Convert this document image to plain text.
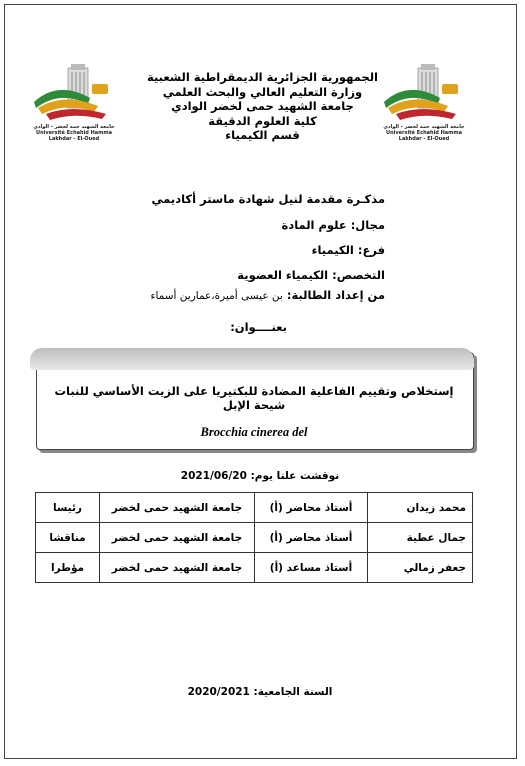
جامعة الشهيد حمه لخضر - الوادي
Université Echahid Hamma Lakhdar - El-Oued
جامعة الشهيد حمه لخضر - الوادي
Université Echahid Hamma Lakhdar - El-Oued
الجمهورية الجزائرية الديمقراطية الشعبية
وزارة التعليم العالي والبحث العلمي
جامعة الشهيد حمى لخضر الوادي
كلية العلوم الدقيقة
قسم الكيمياء
مذكـرة مقدمة لنيل شهادة ماستر أكاديمي
مجال: علوم المادة
فرع: الكيمياء
التخصص: الكيمياء العضوية
من إعداد الطالبة: بن عيسى أميرة،عمارين أسماء
بعنــــوان:
إستخلاص وتقييم الفاعلية المضادة للبكتيريا على الزيت الأساسي للنبات شيحة الإبل
Brocchia cinerea del
نوقشت علنا يوم: 2021/06/20
محمد زيدان	أستاذ محاضر (أ)	جامعة الشهيد حمى لخضر	رئيسا
جمال عطية	أستاذ محاضر (أ)	جامعة الشهيد حمى لخضر	مناقشا
جعفر زمالي	أستاذ مساعد (أ)	جامعة الشهيد حمى لخضر	مؤطرا
السنة الجامعية: 2020/2021
